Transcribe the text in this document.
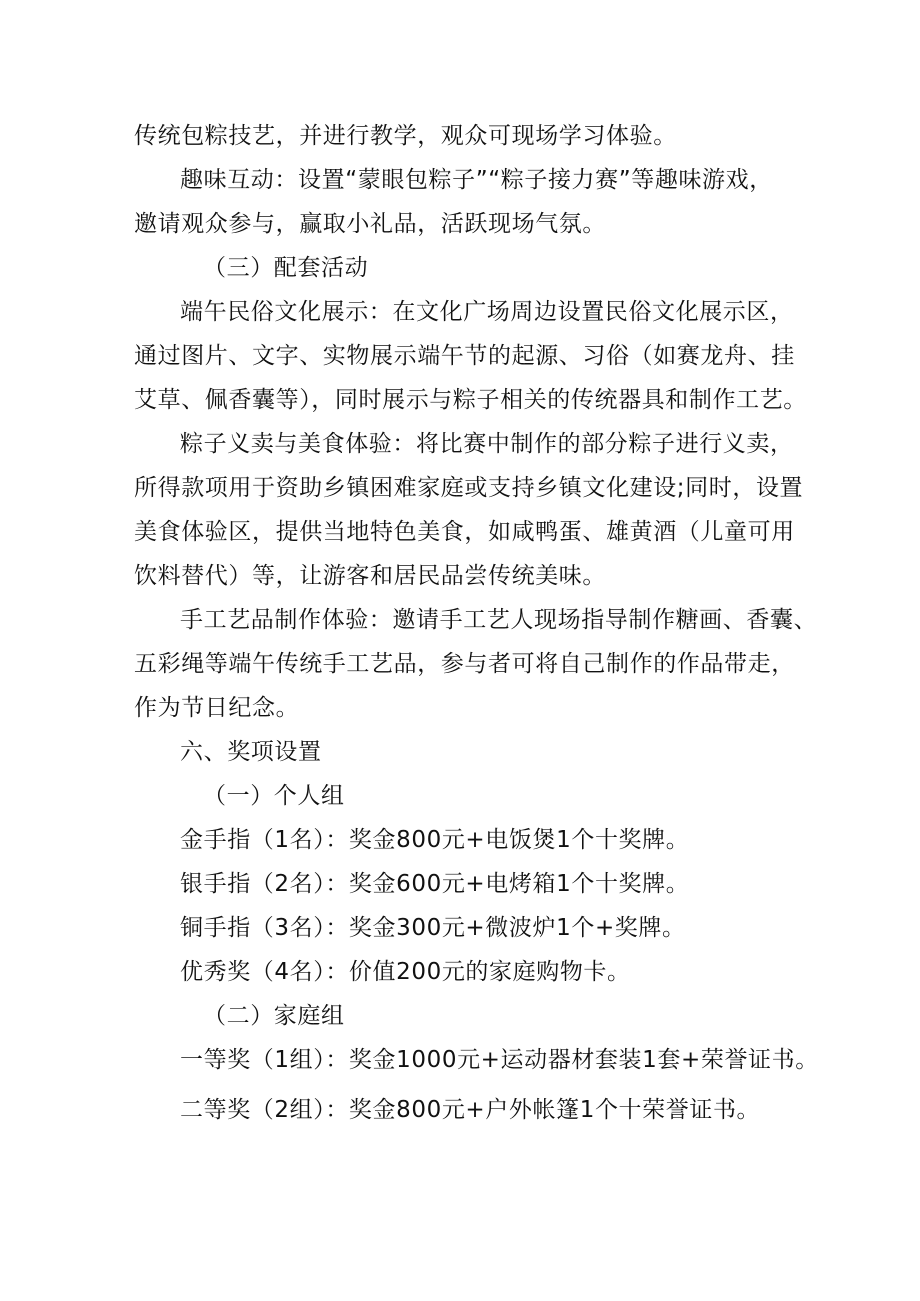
传统包粽技艺，并进行教学，观众可现场学习体验。
趣味互动：设置“蒙眼包粽子”“粽子接力赛”等趣味游戏，
邀请观众参与，赢取小礼品，活跃现场气氛。
（三）配套活动
端午民俗文化展示：在文化广场周边设置民俗文化展示区，
通过图片、文字、实物展示端午节的起源、习俗（如赛龙舟、挂
艾草、佩香囊等），同时展示与粽子相关的传统器具和制作工艺。
粽子义卖与美食体验：将比赛中制作的部分粽子进行义卖，
所得款项用于资助乡镇困难家庭或支持乡镇文化建设;同时，设置
美食体验区，提供当地特色美食，如咸鸭蛋、雄黄酒（儿童可用
饮料替代）等，让游客和居民品尝传统美味。
手工艺品制作体验：邀请手工艺人现场指导制作糖画、香囊、
五彩绳等端午传统手工艺品，参与者可将自己制作的作品带走，
作为节日纪念。
六、奖项设置
（一）个人组
金手指（1名）：奖金800元+电饭煲1个十奖牌。
银手指（2名）：奖金600元+电烤箱1个十奖牌。
铜手指（3名）：奖金300元+微波炉1个+奖牌。
优秀奖（4名）：价值200元的家庭购物卡。
（二）家庭组
一等奖（1组）：奖金1000元+运动器材套装1套+荣誉证书。
二等奖（2组）：奖金800元+户外帐篷1个十荣誉证书。
